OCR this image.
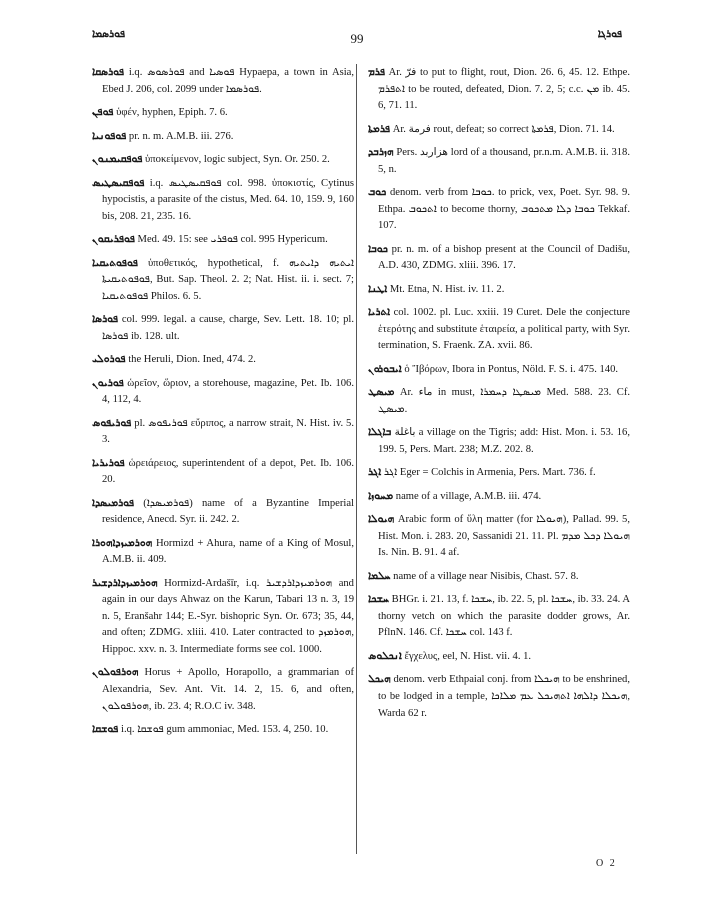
ܦܘܪܣܡܐ	99	ܦܘܪܓܐ

ܦܘܪܣܩܐ i.q. ܦܘܪܣܘܣ and ܦܘܣܝܐ Hypaepa, a town in Asia, Ebed J. 206, col. 2099 under ܦܘܪܣܡܐ.

ܦܘܦܢ ὑφέν, hyphen, Epiph. 7. 6.

ܦܘܦܘܢܝܐ pr. n. m. A.M.B. iii. 276.

ܦܘܦܩܝܡܢܘܢ ὑποκείμενον, logic subject, Syn. Or. 250. 2.

ܦܘܦܩܝܣܛܝܣ i.q. ܦܘܦܩܝܣܛܝܣ col. 998. ὑποκιστίς, Cytinus hypocistis, a parasite of the cistus, Med. 64. 10, 159. 9, 160 bis, 208. 21, 235. 16.

ܦܘܦܪܝܩܘܢ Med. 49. 15: see ܦܘܦܪܝ col. 995 Hypericum.

ܦܘܦܘܬܝܩܝܐ ὑποθετικός, hypothetical, f. ܐܝܬܝܗ ܕܐܝܬܝܗ ܦܘܦܘܬܝܩܝܬܐ, But. Sap. Theol. 2. 2; Nat. Hist. ii. i. sect. 7; ܦܘܦܘܬܝܩܝܐ Philos. 6. 5.

ܦܘܪܣܐ col. 999. legal. a cause, charge, Sev. Lett. 18. 10; pl. ܦܘܪܣܐ ib. 128. ult.

ܦܘܪܘܠܝ the Heruli, Dion. Ined, 474. 2.

ܦܘܪܝܘܢ ὡρεῖον, ὥριον, a storehouse, magazine, Pet. Ib. 106. 4, 112, 4.

ܦܘܪܝܦܘܣ pl. ܦܘܪܝܦܘܣ εὔριπος, a narrow strait, N. Hist. iv. 5. 3.

ܦܘܪܝܪܝܐ ὡρειάρειος, superintendent of a depot, Pet. Ib. 106. 20.

ܦܘܪܡܝܣܕܐ (ܦܘܪܡܝܣܕܐ) name of a Byzantine Imperial residence, Anecd. Syr. ii. 242. 2.

ܗܘܪܡܝܙܕܐܗܘܪܐ Hormizd + Ahura, name of a King of Mosul, A.M.B. ii. 409.

ܗܘܪܡܝܙܕܐܪܕܫܝܪ Hormizd-Ardašīr, i.q. ܗܘܪܡܝܙܕܐܪܕܫܝܪ and again in our days Ahwaz on the Karun, Tabari 13 n. 3, 19 n. 5, Eranšahr 144; E.-Syr. bishopric Syn. Or. 673; 35, 44, and often; ZDMG. xliii. 410. Later contracted to ܗܘܪܡܙܕ, Hippoc. xxv. n. 3. Intermediate forms see col. 1000.

ܗܘܪܦܘܠܘܢ Horus + Apollo, Horapollo, a grammarian of Alexandria, Sev. Ant. Vit. 14. 2, 15. 6, and often, ܗܘܪܦܘܠܘܢ, ib. 23. 4; R.O.C iv. 348.

ܦܘܫܩܐ i.q. ܦܘܫܩܐ gum ammoniac, Med. 153. 4, 250. 10.

ܦܪܡ Ar. فرّ to put to flight, rout, Dion. 26. 6, 45. 12. Ethpe. ܐܬܦܪܡ to be routed, defeated, Dion. 7. 2, 5; c.c. ܡܢ ib. 45. 6, 71. 11.

ܦܪܡܬܐ Ar. فرمة rout, defeat; so correct ܦܪܡܬܐ, Dion. 71. 14.

ܗܙܪܒܕ Pers. هزاربد lord of a thousand, pr.n.m. A.M.B. ii. 318. 5, n.

ܟܘܒ denom. verb from ܟܘܒܐ. to prick, vex, Poet. Syr. 98. 9. Ethpa. ܐܬܟܘܒ to become thorny, ܟܘܒܐ ܕܠܐ ܡܬܟܘܒ Tekkaf. 107.

ܟܘܒܐ pr. n. m. of a bishop present at the Council of Dadišu, A.D. 430, ZDMG. xliii. 396. 17.

ܐܛܢܐ Mt. Etna, N. Hist. iv. 11. 2.

ܐܬܪܝܐ col. 1002. pl. Luc. xxiii. 19 Curet. Dele the conjecture ἑτερότης and substitute ἑταιρεία, a political party, with Syr. termination, S. Fraenk. ZA. xvii. 86.

ܐܝܒܘܪܘܢ ὁ Ἴβόρων, Ibora in Pontus, Nöld. F. S. i. 475. 140.

ܡܝܣܛ Ar. ماء in must, ܡܝܣܛܐ ܕܚܡܪܐ Med. 588. 23. Cf. ܡܝܣܛ.

ܒܐܓܠܐ باغلة a village on the Tigris; add: Hist. Mon. i. 53. 16, 199. 5, Pers. Mart. 238; M.Z. 202. 8.

ܐܓܪ ܐܓܪ Eger = Colchis in Armenia, Pers. Mart. 736. f.

ܡܚܘܙܐ name of a village, A.M.B. iii. 474.

ܗܝܘܠܐ Arabic form of ὕλη matter (for ܗܝܘܠܐ), Pallad. 99. 5, Hist. Mon. i. 283. 20, Sassanidi 21. 11. Pl. ܗܝܘܠܐ ܕܟܠ ܡܕܡ Is. Nin. B. 91. 4 af.

ܚܠܡܐ name of a village near Nisibis, Chast. 57. 8.

ܚܫܟܐ BHGr. i. 21. 13, f. ܚܫܟܐ, ib. 22. 5, pl. ܚܫܟܐ, ib. 33. 24. A thorny vetch on which the parasite dodder grows, Ar. PflnN. 146. Cf. ܚܫܟܐ col. 143 f.

ܐܢܟܠܘܣ ἔγχελυς, eel, N. Hist. vii. 4. 1.

ܗܝܟܠ denom. verb Ethpaial conj. from ܗܝܟܠܐ to be enshrined, to be lodged in a temple, ܗܝܟܠܐ ܕܐܠܗܐ ܐܬܗܝܟܠ ܥܡ ܡܠܐܟܐ, Warda 62 r.

O 2
